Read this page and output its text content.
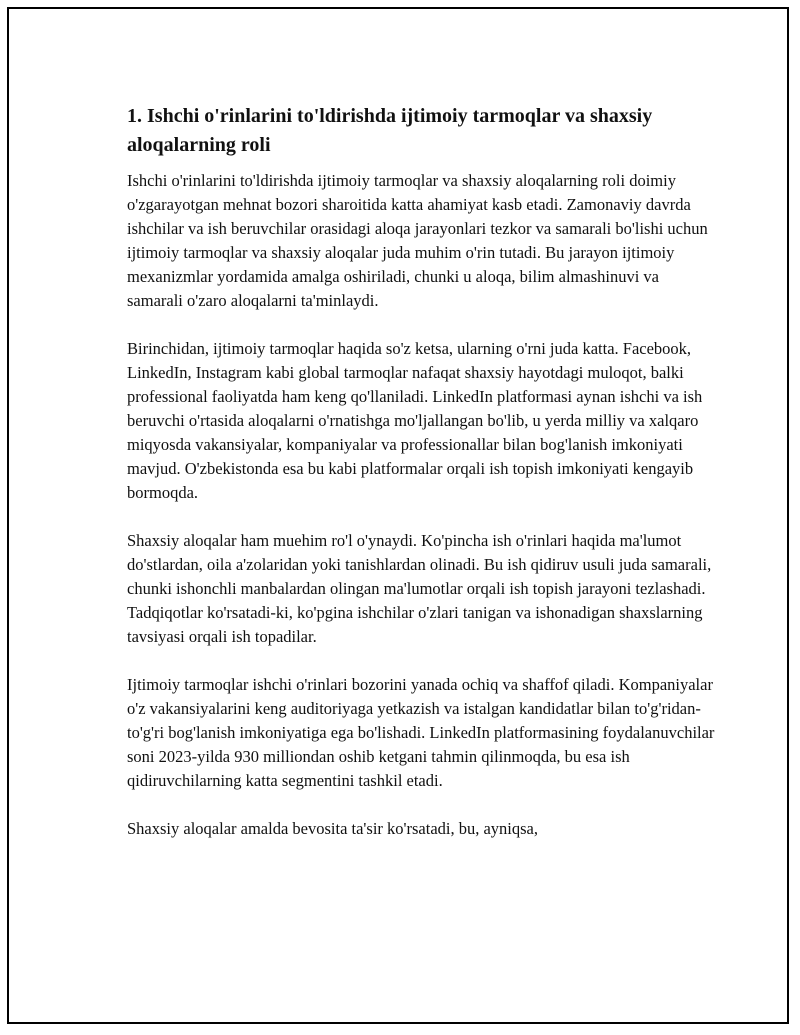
1. Ishchi o'rinlarini to'ldirishda ijtimoiy tarmoqlar va shaxsiy aloqalarning roli

Ishchi o'rinlarini to'ldirishda ijtimoiy tarmoqlar va shaxsiy aloqalarning roli doimiy o'zgarayotgan mehnat bozori sharoitida katta ahamiyat kasb etadi. Zamonaviy davrda ishchilar va ish beruvchilar orasidagi aloqa jarayonlari tezkor va samarali bo'lishi uchun ijtimoiy tarmoqlar va shaxsiy aloqalar juda muhim o'rin tutadi. Bu jarayon ijtimoiy mexanizmlar yordamida amalga oshiriladi, chunki u aloqa, bilim almashinuvi va samarali o'zaro aloqalarni ta'minlaydi.

Birinchidan, ijtimoiy tarmoqlar haqida so'z ketsa, ularning o'rni juda katta. Facebook, LinkedIn, Instagram kabi global tarmoqlar nafaqat shaxsiy hayotdagi muloqot, balki professional faoliyatda ham keng qo'llaniladi. LinkedIn platformasi aynan ishchi va ish beruvchi o'rtasida aloqalarni o'rnatishga mo'ljallangan bo'lib, u yerda milliy va xalqaro miqyosda vakansiyalar, kompaniyalar va professionallar bilan bog'lanish imkoniyati mavjud. O'zbekistonda esa bu kabi platformalar orqali ish topish imkoniyati kengayib bormoqda.

Shaxsiy aloqalar ham muehim ro'l o'ynaydi. Ko'pincha ish o'rinlari haqida ma'lumot do'stlardan, oila a'zolaridan yoki tanishlardan olinadi. Bu ish qidiruv usuli juda samarali, chunki ishonchli manbalardan olingan ma'lumotlar orqali ish topish jarayoni tezlashadi. Tadqiqotlar ko'rsatadi-ki, ko'pgina ishchilar o'zlari tanigan va ishonadigan shaxslarning tavsiyasi orqali ish topadilar.

Ijtimoiy tarmoqlar ishchi o'rinlari bozorini yanada ochiq va shaffof qiladi. Kompaniyalar o'z vakansiyalarini keng auditoriyaga yetkazish va istalgan kandidatlar bilan to'g'ridan-to'g'ri bog'lanish imkoniyatiga ega bo'lishadi. LinkedIn platformasining foydalanuvchilar soni 2023-yilda 930 milliondan oshib ketgani tahmin qilinmoqda, bu esa ish qidiruvchilarning katta segmentini tashkil etadi.

Shaxsiy aloqalar amalda bevosita ta'sir ko'rsatadi, bu, ayniqsa,
